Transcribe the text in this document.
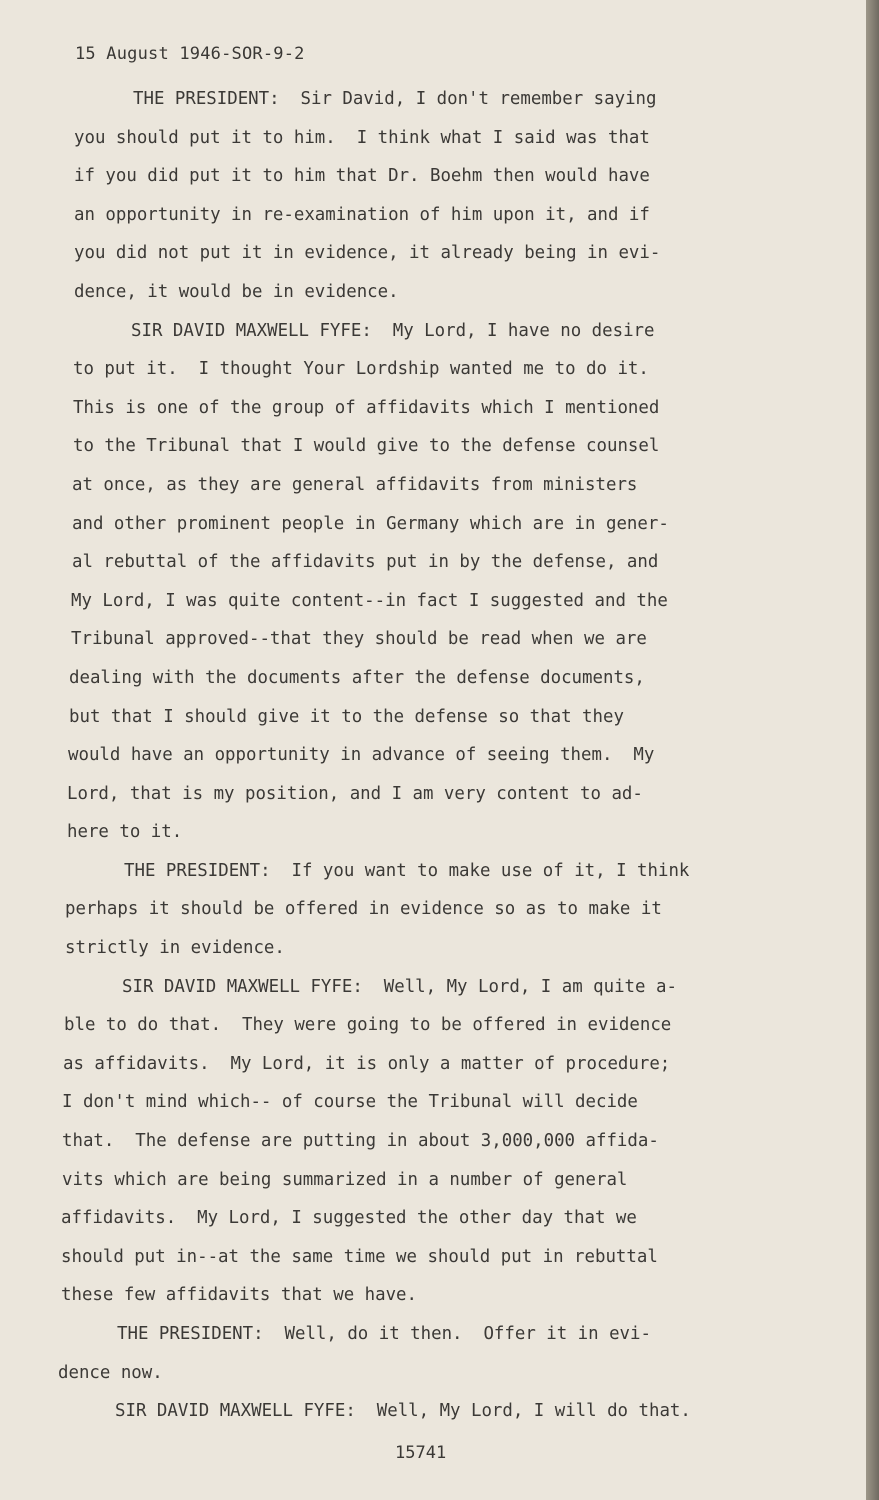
15 August 1946-SOR-9-2
THE PRESIDENT:  Sir David, I don't remember saying
you should put it to him.  I think what I said was that
if you did put it to him that Dr. Boehm then would have
an opportunity in re-examination of him upon it, and if
you did not put it in evidence, it already being in evi-
dence, it would be in evidence.
SIR DAVID MAXWELL FYFE:  My Lord, I have no desire
to put it.  I thought Your Lordship wanted me to do it.
This is one of the group of affidavits which I mentioned
to the Tribunal that I would give to the defense counsel
at once, as they are general affidavits from ministers
and other prominent people in Germany which are in gener-
al rebuttal of the affidavits put in by the defense, and
My Lord, I was quite content--in fact I suggested and the
Tribunal approved--that they should be read when we are
dealing with the documents after the defense documents,
but that I should give it to the defense so that they
would have an opportunity in advance of seeing them.  My
Lord, that is my position, and I am very content to ad-
here to it.
THE PRESIDENT:  If you want to make use of it, I think
perhaps it should be offered in evidence so as to make it
strictly in evidence.
SIR DAVID MAXWELL FYFE:  Well, My Lord, I am quite a-
ble to do that.  They were going to be offered in evidence
as affidavits.  My Lord, it is only a matter of procedure;
I don't mind which-- of course the Tribunal will decide
that.  The defense are putting in about 3,000,000 affida-
vits which are being summarized in a number of general
affidavits.  My Lord, I suggested the other day that we
should put in--at the same time we should put in rebuttal
these few affidavits that we have.
THE PRESIDENT:  Well, do it then.  Offer it in evi-
dence now.
SIR DAVID MAXWELL FYFE:  Well, My Lord, I will do that.
15741
